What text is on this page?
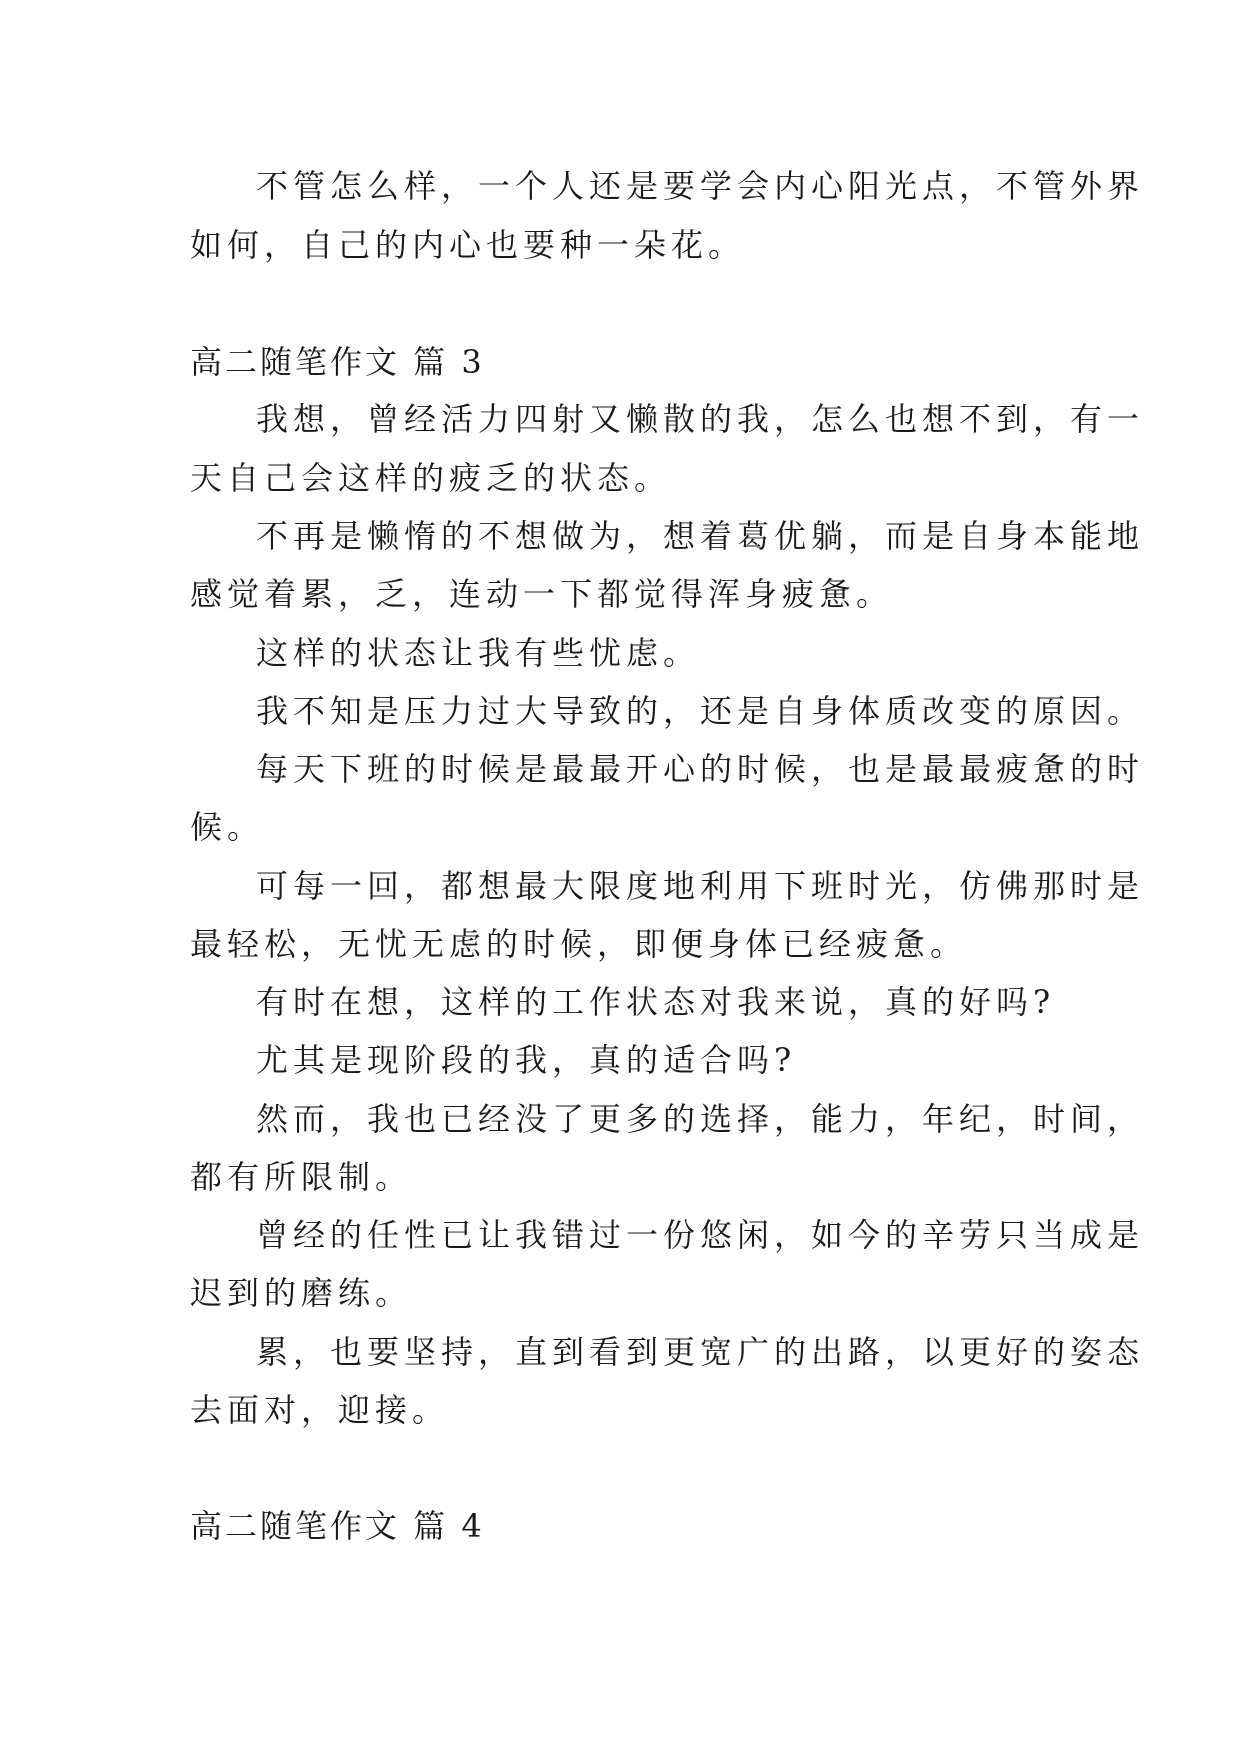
不管怎么样，一个人还是要学会内心阳光点，不管外界
如何，自己的内心也要种一朵花。
高二随笔作文 篇 3
我想，曾经活力四射又懒散的我，怎么也想不到，有一
天自己会这样的疲乏的状态。
不再是懒惰的不想做为，想着葛优躺，而是自身本能地
感觉着累，乏，连动一下都觉得浑身疲惫。
这样的状态让我有些忧虑。
我不知是压力过大导致的，还是自身体质改变的原因。
每天下班的时候是最最开心的时候，也是最最疲惫的时
候。
可每一回，都想最大限度地利用下班时光，仿佛那时是
最轻松，无忧无虑的时候，即便身体已经疲惫。
有时在想，这样的工作状态对我来说，真的好吗?
尤其是现阶段的我，真的适合吗?
然而，我也已经没了更多的选择，能力，年纪，时间，
都有所限制。
曾经的任性已让我错过一份悠闲，如今的辛劳只当成是
迟到的磨练。
累，也要坚持，直到看到更宽广的出路，以更好的姿态
去面对，迎接。
高二随笔作文 篇 4
